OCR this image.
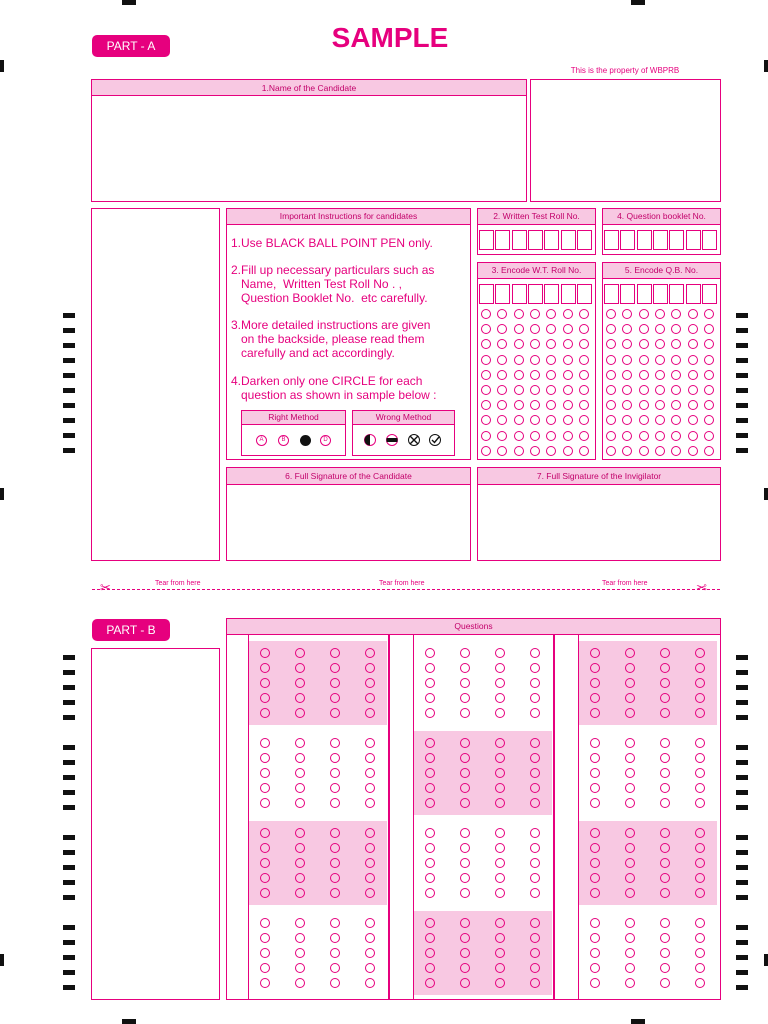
PART - A	SAMPLE
This is the property of WBPRB
1.Name of the Candidate
Important Instructions for candidates
1.Use BLACK BALL POINT PEN only.
2.Fill up necessary particulars such as
Name,  Written Test Roll No . ,
Question Booklet No.  etc carefully.
3.More detailed instructions are given
on the backside, please read them
carefully and act accordingly.
4.Darken only one CIRCLE for each
question as shown in sample below :
Right Method
A	B	D
Wrong Method
2. Written Test Roll No.	4. Question booklet No.
3. Encode W.T. Roll No.	5. Encode Q.B. No.
6. Full Signature of the Candidate	7. Full Signature of the Invigilator
✂	✂
Tear from here	Tear from here	Tear from here
PART - B	Questions
